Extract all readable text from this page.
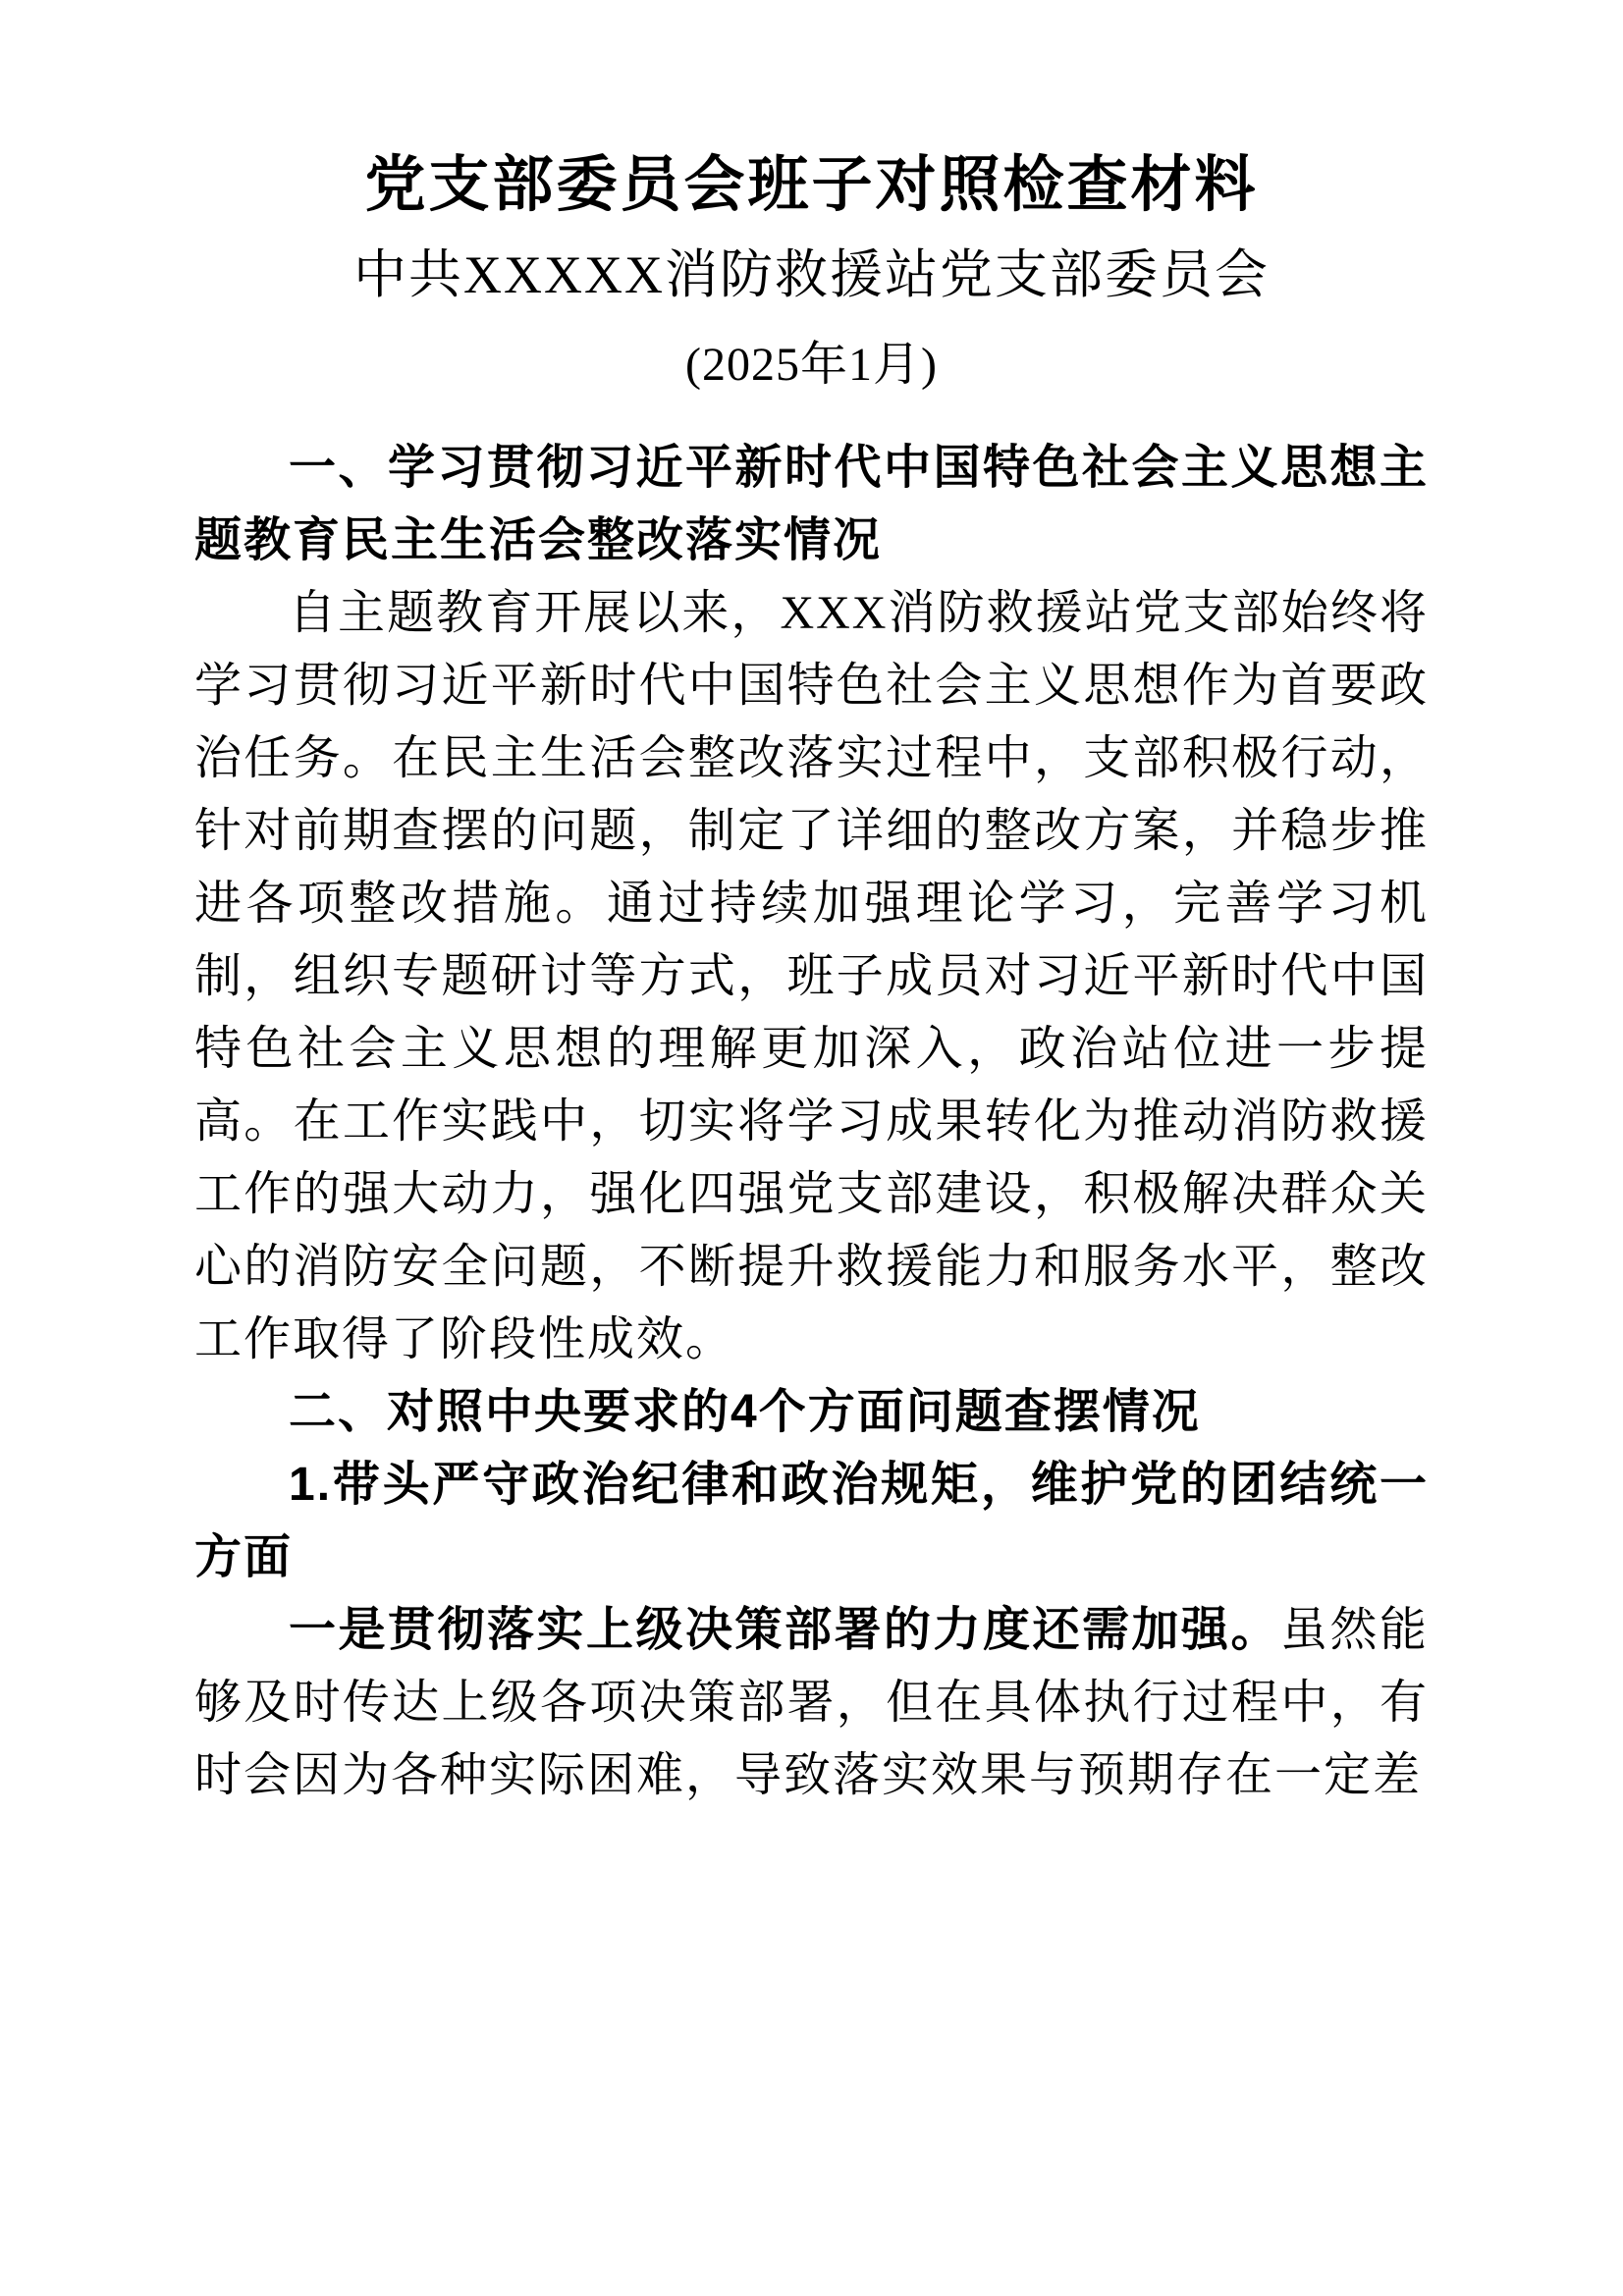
党支部委员会班子对照检查材料
中共XXXXX消防救援站党支部委员会
(2025年1月)

一、学习贯彻习近平新时代中国特色社会主义思想主题教育民主生活会整改落实情况

自主题教育开展以来，XXX消防救援站党支部始终将学习贯彻习近平新时代中国特色社会主义思想作为首要政治任务。在民主生活会整改落实过程中，支部积极行动，针对前期查摆的问题，制定了详细的整改方案，并稳步推进各项整改措施。通过持续加强理论学习，完善学习机制，组织专题研讨等方式，班子成员对习近平新时代中国特色社会主义思想的理解更加深入，政治站位进一步提高。在工作实践中，切实将学习成果转化为推动消防救援工作的强大动力，强化四强党支部建设，积极解决群众关心的消防安全问题，不断提升救援能力和服务水平，整改工作取得了阶段性成效。

二、对照中央要求的4个方面问题查摆情况

1.带头严守政治纪律和政治规矩，维护党的团结统一方面

一是贯彻落实上级决策部署的力度还需加强。虽然能够及时传达上级各项决策部署，但在具体执行过程中，有时会因为各种实际困难，导致落实效果与预期存在一定差
